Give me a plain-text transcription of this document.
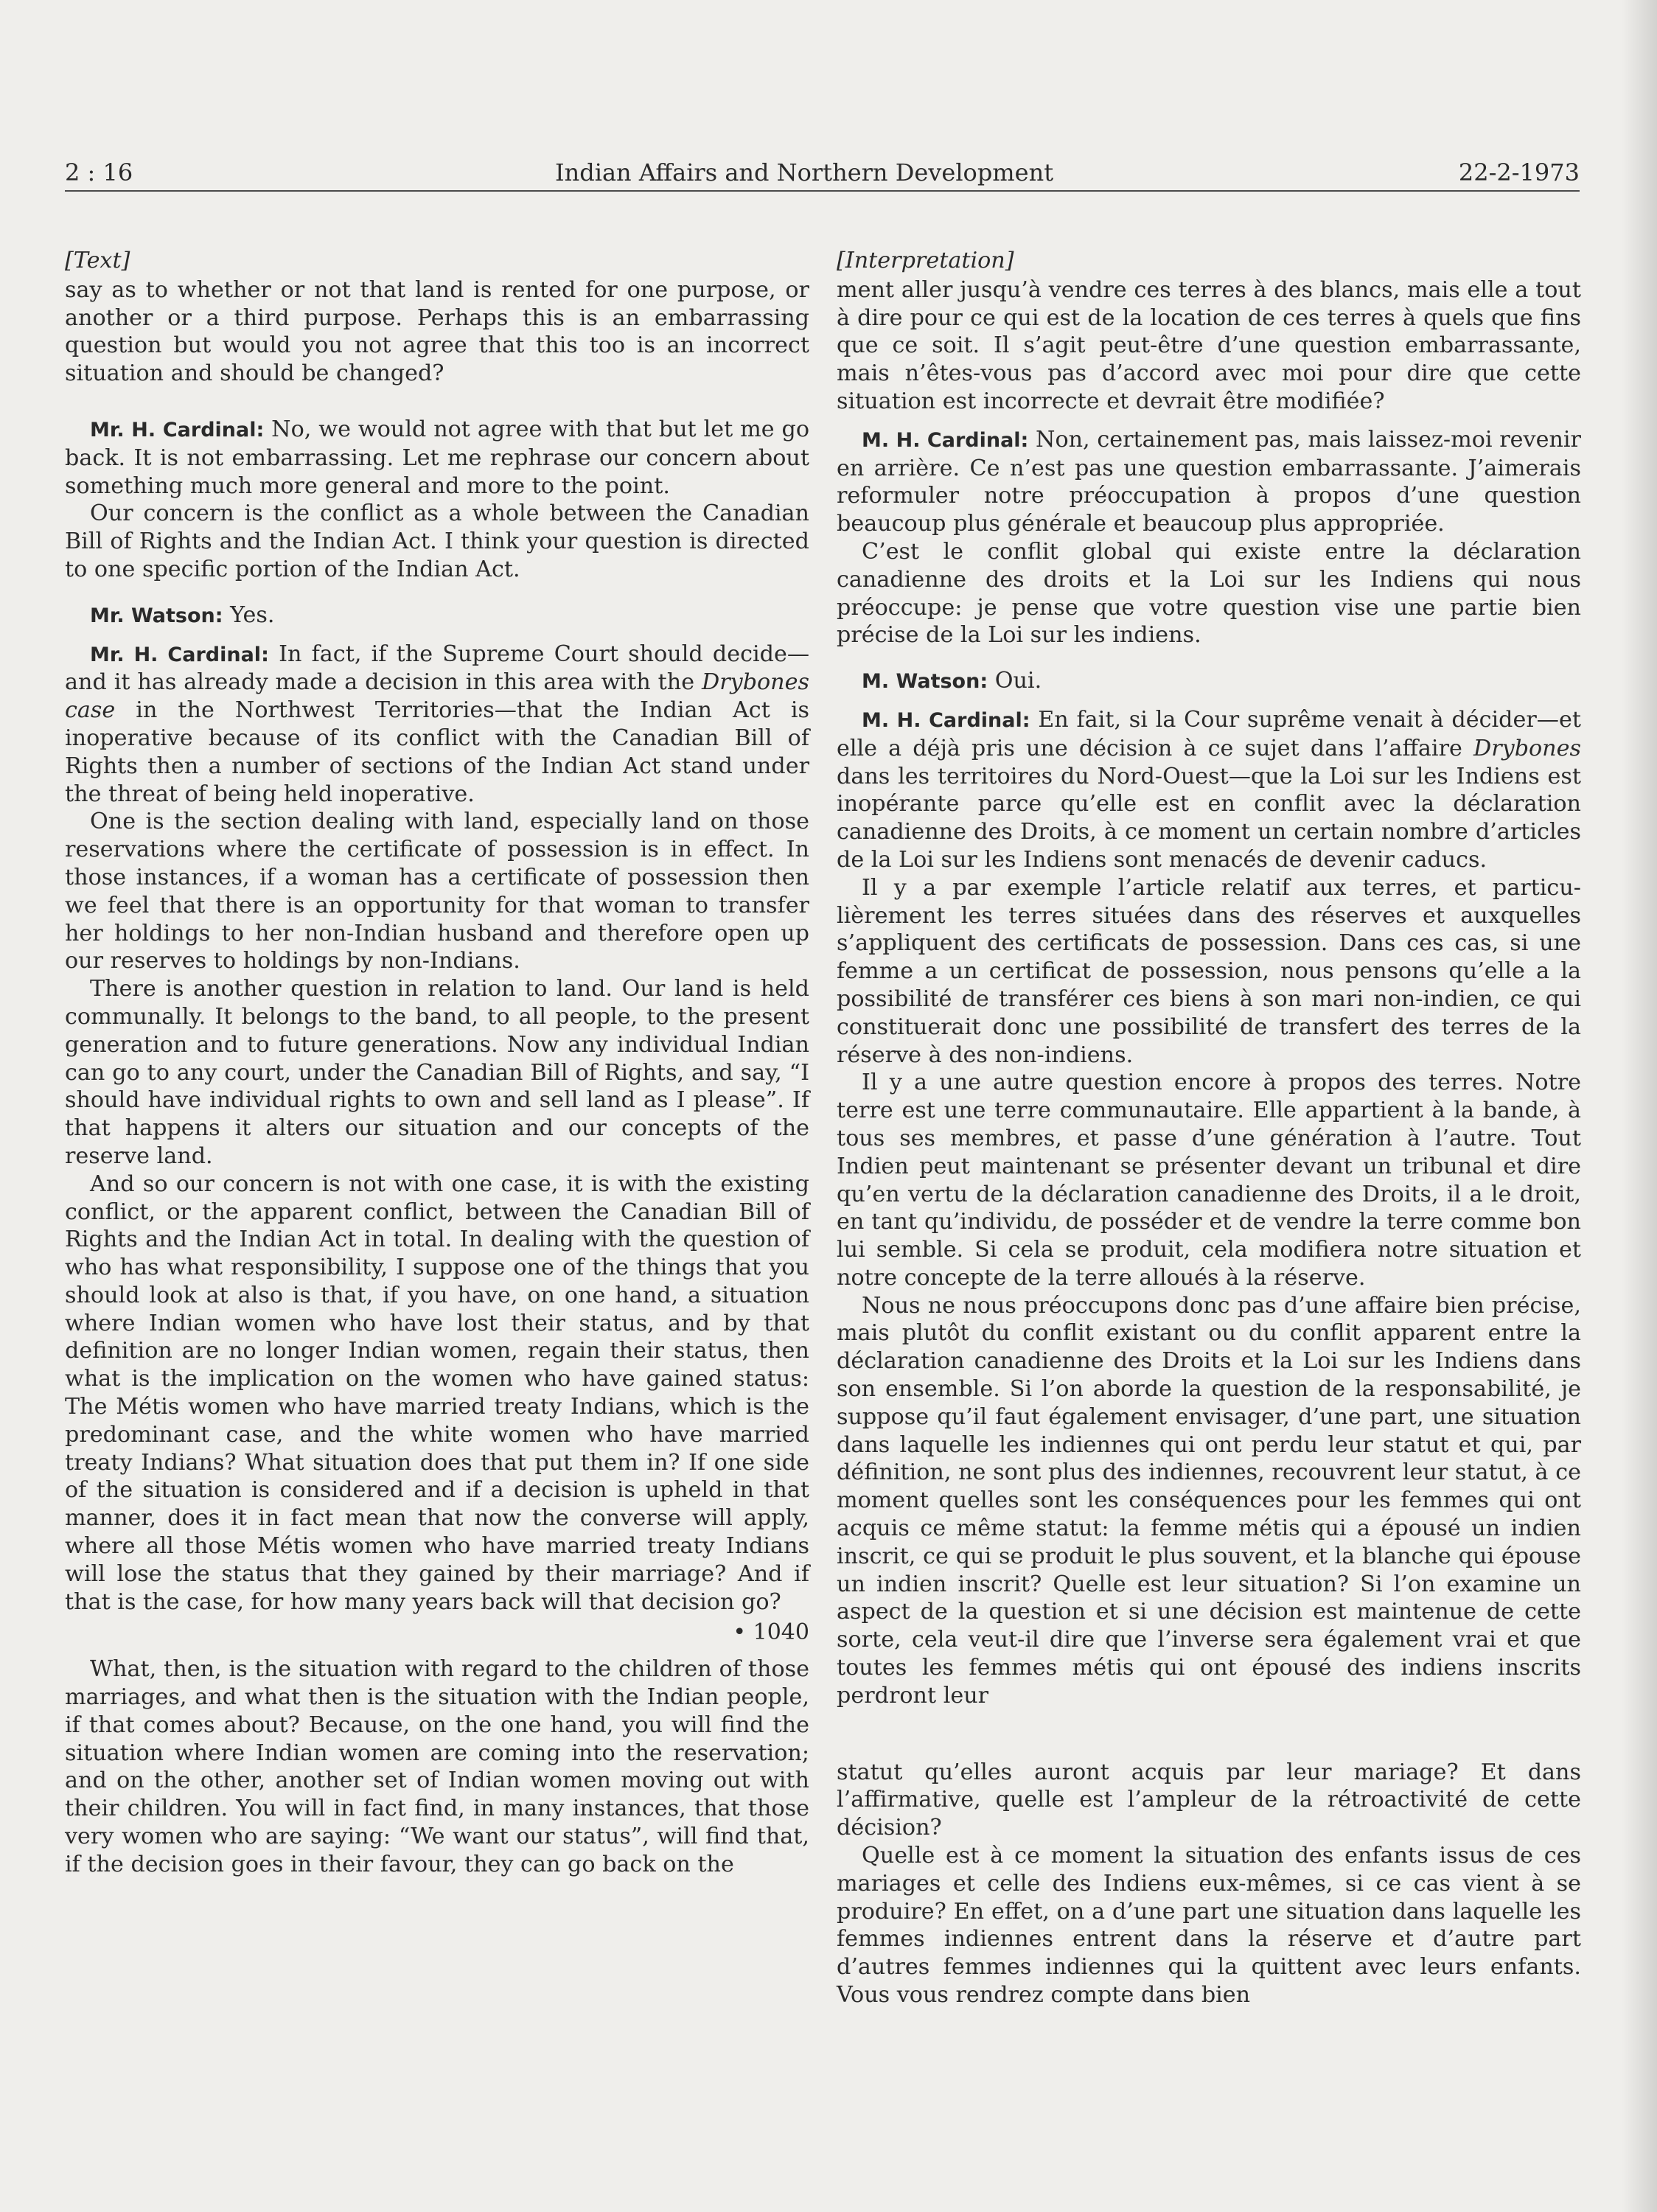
2 : 16	Indian Affairs and Northern Development	22-2-1973
[Text]

say as to whether or not that land is rented for one purpose, or another or a third purpose. Perhaps this is an embarrassing question but would you not agree that this too is an incorrect situation and should be changed?

Mr. H. Cardinal: No, we would not agree with that but let me go back. It is not embarrassing. Let me rephrase our concern about something much more general and more to the point.

Our concern is the conflict as a whole between the Canadian Bill of Rights and the Indian Act. I think your question is directed to one specific portion of the Indian Act.

Mr. Watson: Yes.

Mr. H. Cardinal: In fact, if the Supreme Court should decide—and it has already made a decision in this area with the Drybones case in the Northwest Territories—that the Indian Act is inoperative because of its conflict with the Canadian Bill of Rights then a number of sections of the Indian Act stand under the threat of being held inoperative.

One is the section dealing with land, especially land on those reservations where the certificate of possession is in effect. In those instances, if a woman has a certificate of possession then we feel that there is an opportunity for that woman to transfer her holdings to her non-Indian husband and therefore open up our reserves to holdings by non-Indians.

There is another question in relation to land. Our land is held communally. It belongs to the band, to all people, to the present generation and to future generations. Now any individual Indian can go to any court, under the Canadian Bill of Rights, and say, “I should have individual rights to own and sell land as I please”. If that happens it alters our situation and our concepts of the reserve land.

And so our concern is not with one case, it is with the existing conflict, or the apparent conflict, between the Canadian Bill of Rights and the Indian Act in total. In dealing with the question of who has what responsibility, I suppose one of the things that you should look at also is that, if you have, on one hand, a situation where Indian women who have lost their status, and by that definition are no longer Indian women, regain their status, then what is the implication on the women who have gained status: The Métis women who have married treaty Indians, which is the predominant case, and the white women who have married treaty Indians? What situation does that put them in? If one side of the situation is considered and if a decision is upheld in that manner, does it in fact mean that now the converse will apply, where all those Métis women who have married treaty Indians will lose the status that they gained by their marriage? And if that is the case, for how many years back will that decision go?

• 1040

What, then, is the situation with regard to the children of those marriages, and what then is the situation with the Indian people, if that comes about? Because, on the one hand, you will find the situation where Indian women are coming into the reservation; and on the other, another set of Indian women moving out with their children. You will in fact find, in many instances, that those very women who are saying: “We want our status”, will find that, if the decision goes in their favour, they can go back on the

[Interpretation]

ment aller jusqu’à vendre ces terres à des blancs, mais elle a tout à dire pour ce qui est de la location de ces terres à quels que fins que ce soit. Il s’agit peut-être d’une question embarrassante, mais n’êtes-vous pas d’accord avec moi pour dire que cette situation est incorrecte et devrait être modifiée?

M. H. Cardinal: Non, certainement pas, mais laissez-moi revenir en arrière. Ce n’est pas une question embarrassante. J’aimerais reformuler notre préoccupation à propos d’une question beaucoup plus générale et beaucoup plus appropriée.

C’est le conflit global qui existe entre la déclaration canadienne des droits et la Loi sur les Indiens qui nous préoccupe: je pense que votre question vise une partie bien précise de la Loi sur les indiens.

M. Watson: Oui.

M. H. Cardinal: En fait, si la Cour suprême venait à décider—et elle a déjà pris une décision à ce sujet dans l’affaire Drybones dans les territoires du Nord-Ouest—que la Loi sur les Indiens est inopérante parce qu’elle est en conflit avec la déclaration canadienne des Droits, à ce moment un certain nombre d’articles de la Loi sur les Indiens sont menacés de devenir caducs.

Il y a par exemple l’article relatif aux terres, et particulièrement les terres situées dans des réserves et auxquelles s’appliquent des certificats de possession. Dans ces cas, si une femme a un certificat de possession, nous pensons qu’elle a la possibilité de transférer ces biens à son mari non-indien, ce qui constituerait donc une possibilité de transfert des terres de la réserve à des non-indiens.

Il y a une autre question encore à propos des terres. Notre terre est une terre communautaire. Elle appartient à la bande, à tous ses membres, et passe d’une génération à l’autre. Tout Indien peut maintenant se présenter devant un tribunal et dire qu’en vertu de la déclaration canadienne des Droits, il a le droit, en tant qu’individu, de posséder et de vendre la terre comme bon lui semble. Si cela se produit, cela modifiera notre situation et notre concepte de la terre alloués à la réserve.

Nous ne nous préoccupons donc pas d’une affaire bien précise, mais plutôt du conflit existant ou du conflit apparent entre la déclaration canadienne des Droits et la Loi sur les Indiens dans son ensemble. Si l’on aborde la question de la responsabilité, je suppose qu’il faut également envisager, d’une part, une situation dans laquelle les indiennes qui ont perdu leur statut et qui, par définition, ne sont plus des indiennes, recouvrent leur statut, à ce moment quelles sont les conséquences pour les femmes qui ont acquis ce même statut: la femme métis qui a épousé un indien inscrit, ce qui se produit le plus souvent, et la blanche qui épouse un indien inscrit? Quelle est leur situation? Si l’on examine un aspect de la question et si une décision est maintenue de cette sorte, cela veut-il dire que l’inverse sera également vrai et que toutes les femmes métis qui ont épousé des indiens inscrits perdront leur

statut qu’elles auront acquis par leur mariage? Et dans l’affirmative, quelle est l’ampleur de la rétroactivité de cette décision?

Quelle est à ce moment la situation des enfants issus de ces mariages et celle des Indiens eux-mêmes, si ce cas vient à se produire? En effet, on a d’une part une situation dans laquelle les femmes indiennes entrent dans la réserve et d’autre part d’autres femmes indiennes qui la quittent avec leurs enfants. Vous vous rendrez compte dans bien
